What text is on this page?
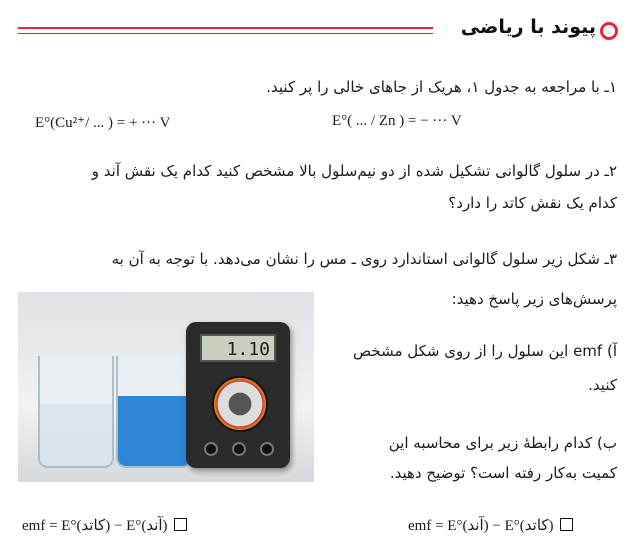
پیوند با ریاضی
۱ـ با مراجعه به جدول ۱، هریک از جاهای خالی را پر کنید.
E°(Cu²⁺/ ... ) = + ··· V	E°( ... / Zn ) = − ··· V
۲ـ در سلول گالوانی تشکیل شده از دو نیم‌سلول بالا مشخص کنید کدام یک نقش آند و
کدام یک نقش کاتد را دارد؟
۳ـ شکل زیر سلول گالوانی استاندارد روی ـ مس را نشان می‌دهد. با توجه به آن به
پرسش‌های زیر پاسخ دهید:
1.10	آ) emf این سلول را از روی شکل مشخص
کنید.
ب) کدام رابطهٔ زیر برای محاسبه این
کمیت به‌کار رفته است؟ توضیح دهید.
emf = E°(کاتد) − E°(آند)	emf = E°(آند) − E°(کاتد)
